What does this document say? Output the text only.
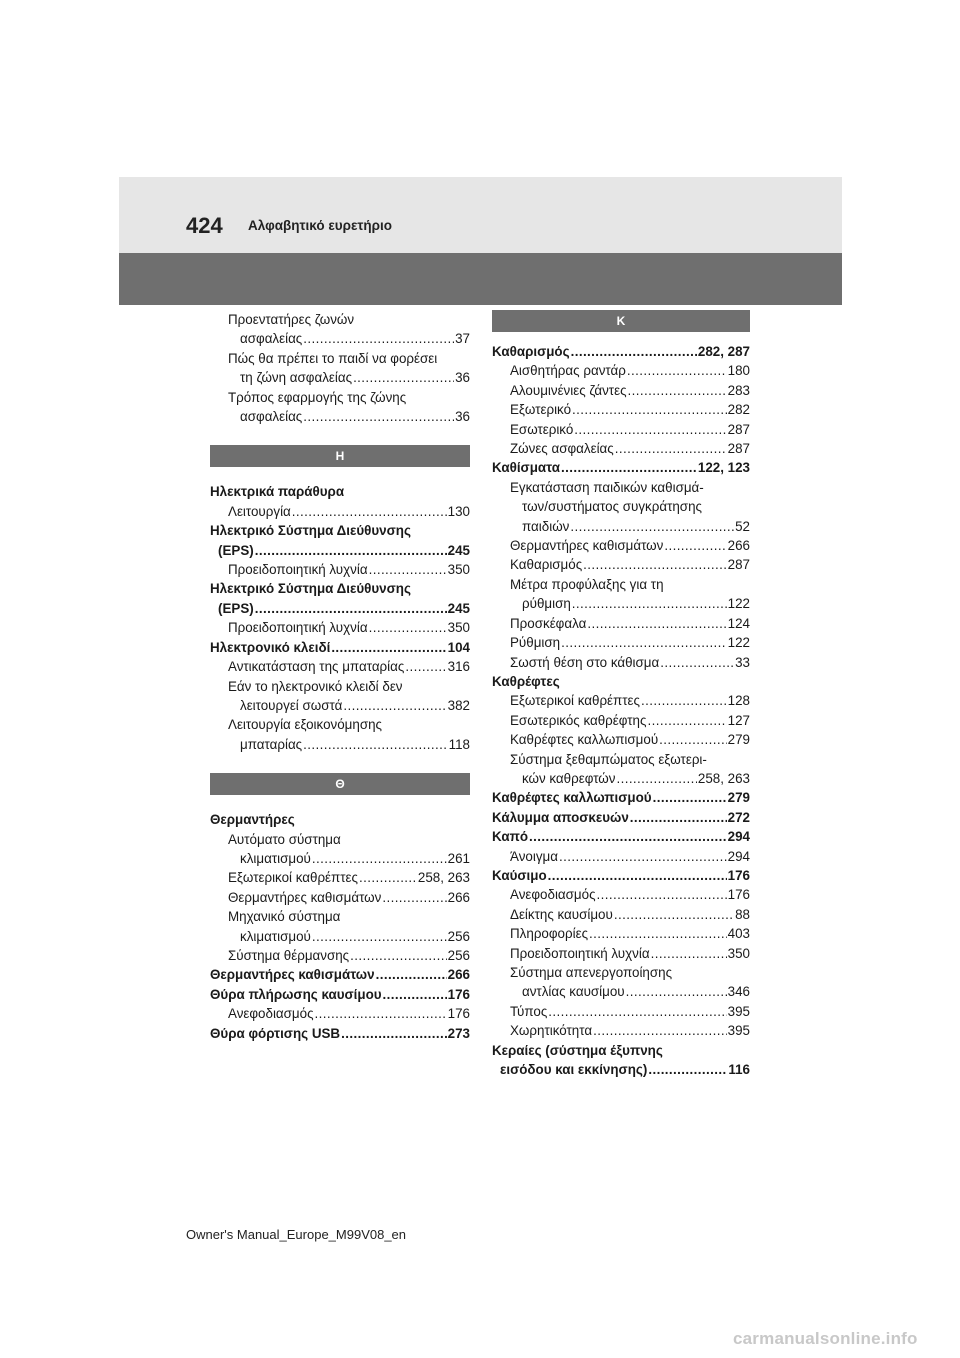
424 Αλφαβητικό ευρετήριο
Προεντατήρες ζωνών
ασφαλείας .....	37
Πώς θα πρέπει το παιδί να φορέσει
τη ζώνη ασφαλείας .....	36
Τρόπος εφαρμογής της ζώνης
ασφαλείας .....	36
Η
Ηλεκτρικά παράθυρα
Λειτουργία .....	130
Ηλεκτρικό Σύστημα Διεύθυνσης
(EPS) .....	245
Προειδοποιητική λυχνία .....	350
Ηλεκτρικό Σύστημα Διεύθυνσης
(EPS) .....	245
Προειδοποιητική λυχνία .....	350
Ηλεκτρονικό κλειδί .....	104
Αντικατάσταση της μπαταρίας .....	316
Εάν το ηλεκτρονικό κλειδί δεν
λειτουργεί σωστά .....	382
Λειτουργία εξοικονόμησης
μπαταρίας .....	118
Θ
Θερμαντήρες
Αυτόματο σύστημα
κλιματισμού .....	261
Εξωτερικοί καθρέπτες .....	258, 263
Θερμαντήρες καθισμάτων .....	266
Μηχανικό σύστημα
κλιματισμού .....	256
Σύστημα θέρμανσης .....	256
Θερμαντήρες καθισμάτων .....	266
Θύρα πλήρωσης καυσίμου .....	176
Ανεφοδιασμός .....	176
Θύρα φόρτισης USB .....	273
Κ
Καθαρισμός .....	282, 287
Αισθητήρας ραντάρ .....	180
Αλουμινένιες ζάντες .....	283
Εξωτερικό .....	282
Εσωτερικό .....	287
Ζώνες ασφαλείας .....	287
Καθίσματα .....	122, 123
Εγκατάσταση παιδικών καθισμά-
των/συστήματος συγκράτησης
παιδιών .....	52
Θερμαντήρες καθισμάτων .....	266
Καθαρισμός .....	287
Μέτρα προφύλαξης για τη
ρύθμιση .....	122
Προσκέφαλα .....	124
Ρύθμιση .....	122
Σωστή θέση στο κάθισμα .....	33
Καθρέφτες
Εξωτερικοί καθρέπτες .....	128
Εσωτερικός καθρέφτης .....	127
Καθρέφτες καλλωπισμού .....	279
Σύστημα ξεθαμπώματος εξωτερι-
κών καθρεφτών .....	258, 263
Καθρέφτες καλλωπισμού .....	279
Κάλυμμα αποσκευών .....	272
Καπό .....	294
Άνοιγμα .....	294
Καύσιμο .....	176
Ανεφοδιασμός .....	176
Δείκτης καυσίμου .....	88
Πληροφορίες .....	403
Προειδοποιητική λυχνία .....	350
Σύστημα απενεργοποίησης
αντλίας καυσίμου .....	346
Τύπος .....	395
Χωρητικότητα .....	395
Κεραίες (σύστημα έξυπνης
εισόδου και εκκίνησης) .....	116
Owner's Manual_Europe_M99V08_en
carmanualsonline.info
